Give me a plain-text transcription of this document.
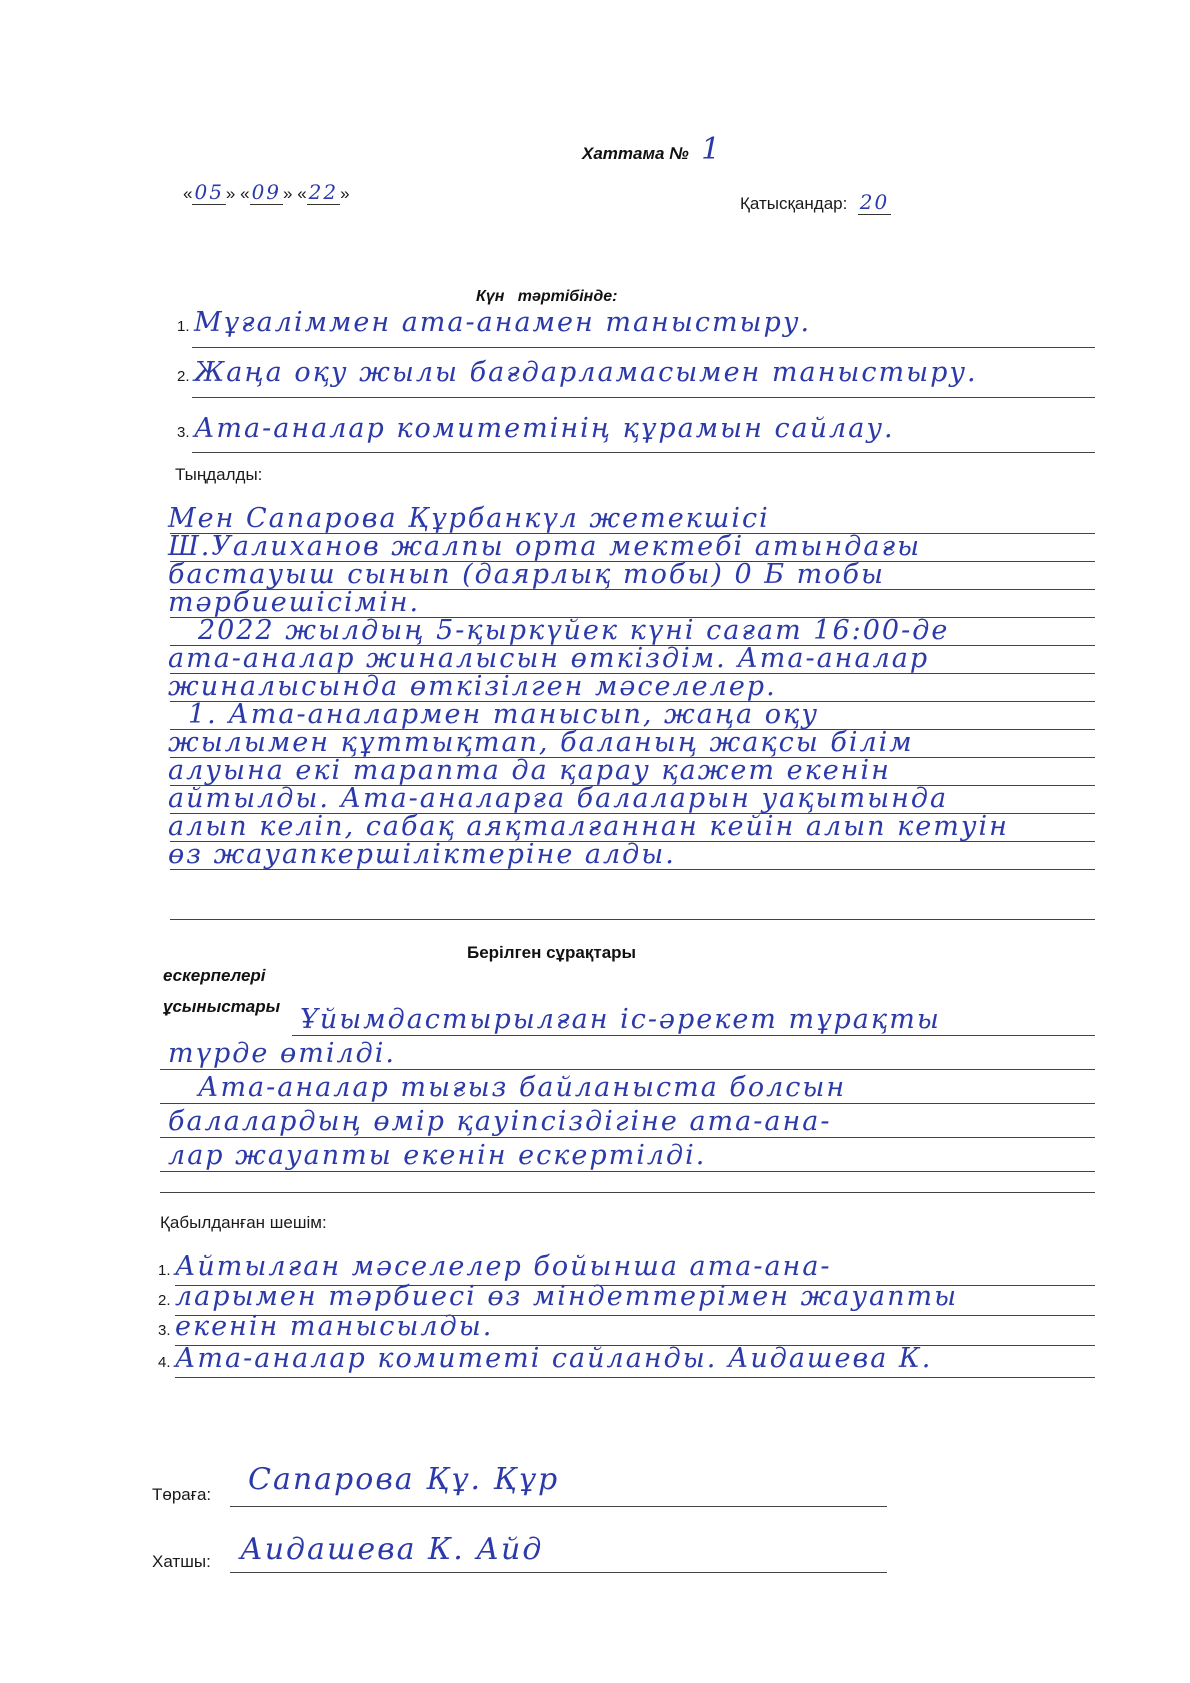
Хаттама № 1
« 05 » « 09 » « 22 »
Қатысқандар: 20
Күн   тәртібінде:
1. Мұғаліммен ата-анамен таныстыру.
2. Жаңа оқу жылы бағдарламасымен таныстыру.
3. Ата-аналар комитетінің құрамын сайлау.
Тыңдалды:
Мен Сапарова Құрбанкүл жетекшісі
Ш.Уалиханов жалпы орта мектебі атындағы
бастауыш сынып (даярлық тобы) 0 Б тобы
тәрбиешісімін.
2022 жылдың 5-қыркүйек күні сағат 16:00-де
ата-аналар жиналысын өткіздім. Ата-аналар
жиналысында өткізілген мәселелер.
1. Ата-аналармен танысып, жаңа оқу
жылымен құттықтап, баланың жақсы білім
алуына екі тарапта да қарау қажет екенін
айтылды. Ата-аналарға балаларын уақытында
алып келіп, сабақ аяқталғаннан кейін алып кетуін
өз жауапкершіліктеріне алды.
Берілген сұрақтары
ескерпелері
ұсыныстары Ұйымдастырылған іс-әрекет тұрақты
түрде өтілді.
Ата-аналар тығыз байланыста болсын
балалардың өмір қауіпсіздігіне ата-ана-
лар жауапты екенін ескертілді.
Қабылданған шешім:
1. Айтылған мәселелер бойынша ата-ана-
2. ларымен тәрбиесі өз міндеттерімен жауапты
3. екенін танысылды.
4. Ата-аналар комитеті сайланды. Аидашева К.
Төраға: Сапарова Құ. Құр
Хатшы: Аидашева К. Айд
